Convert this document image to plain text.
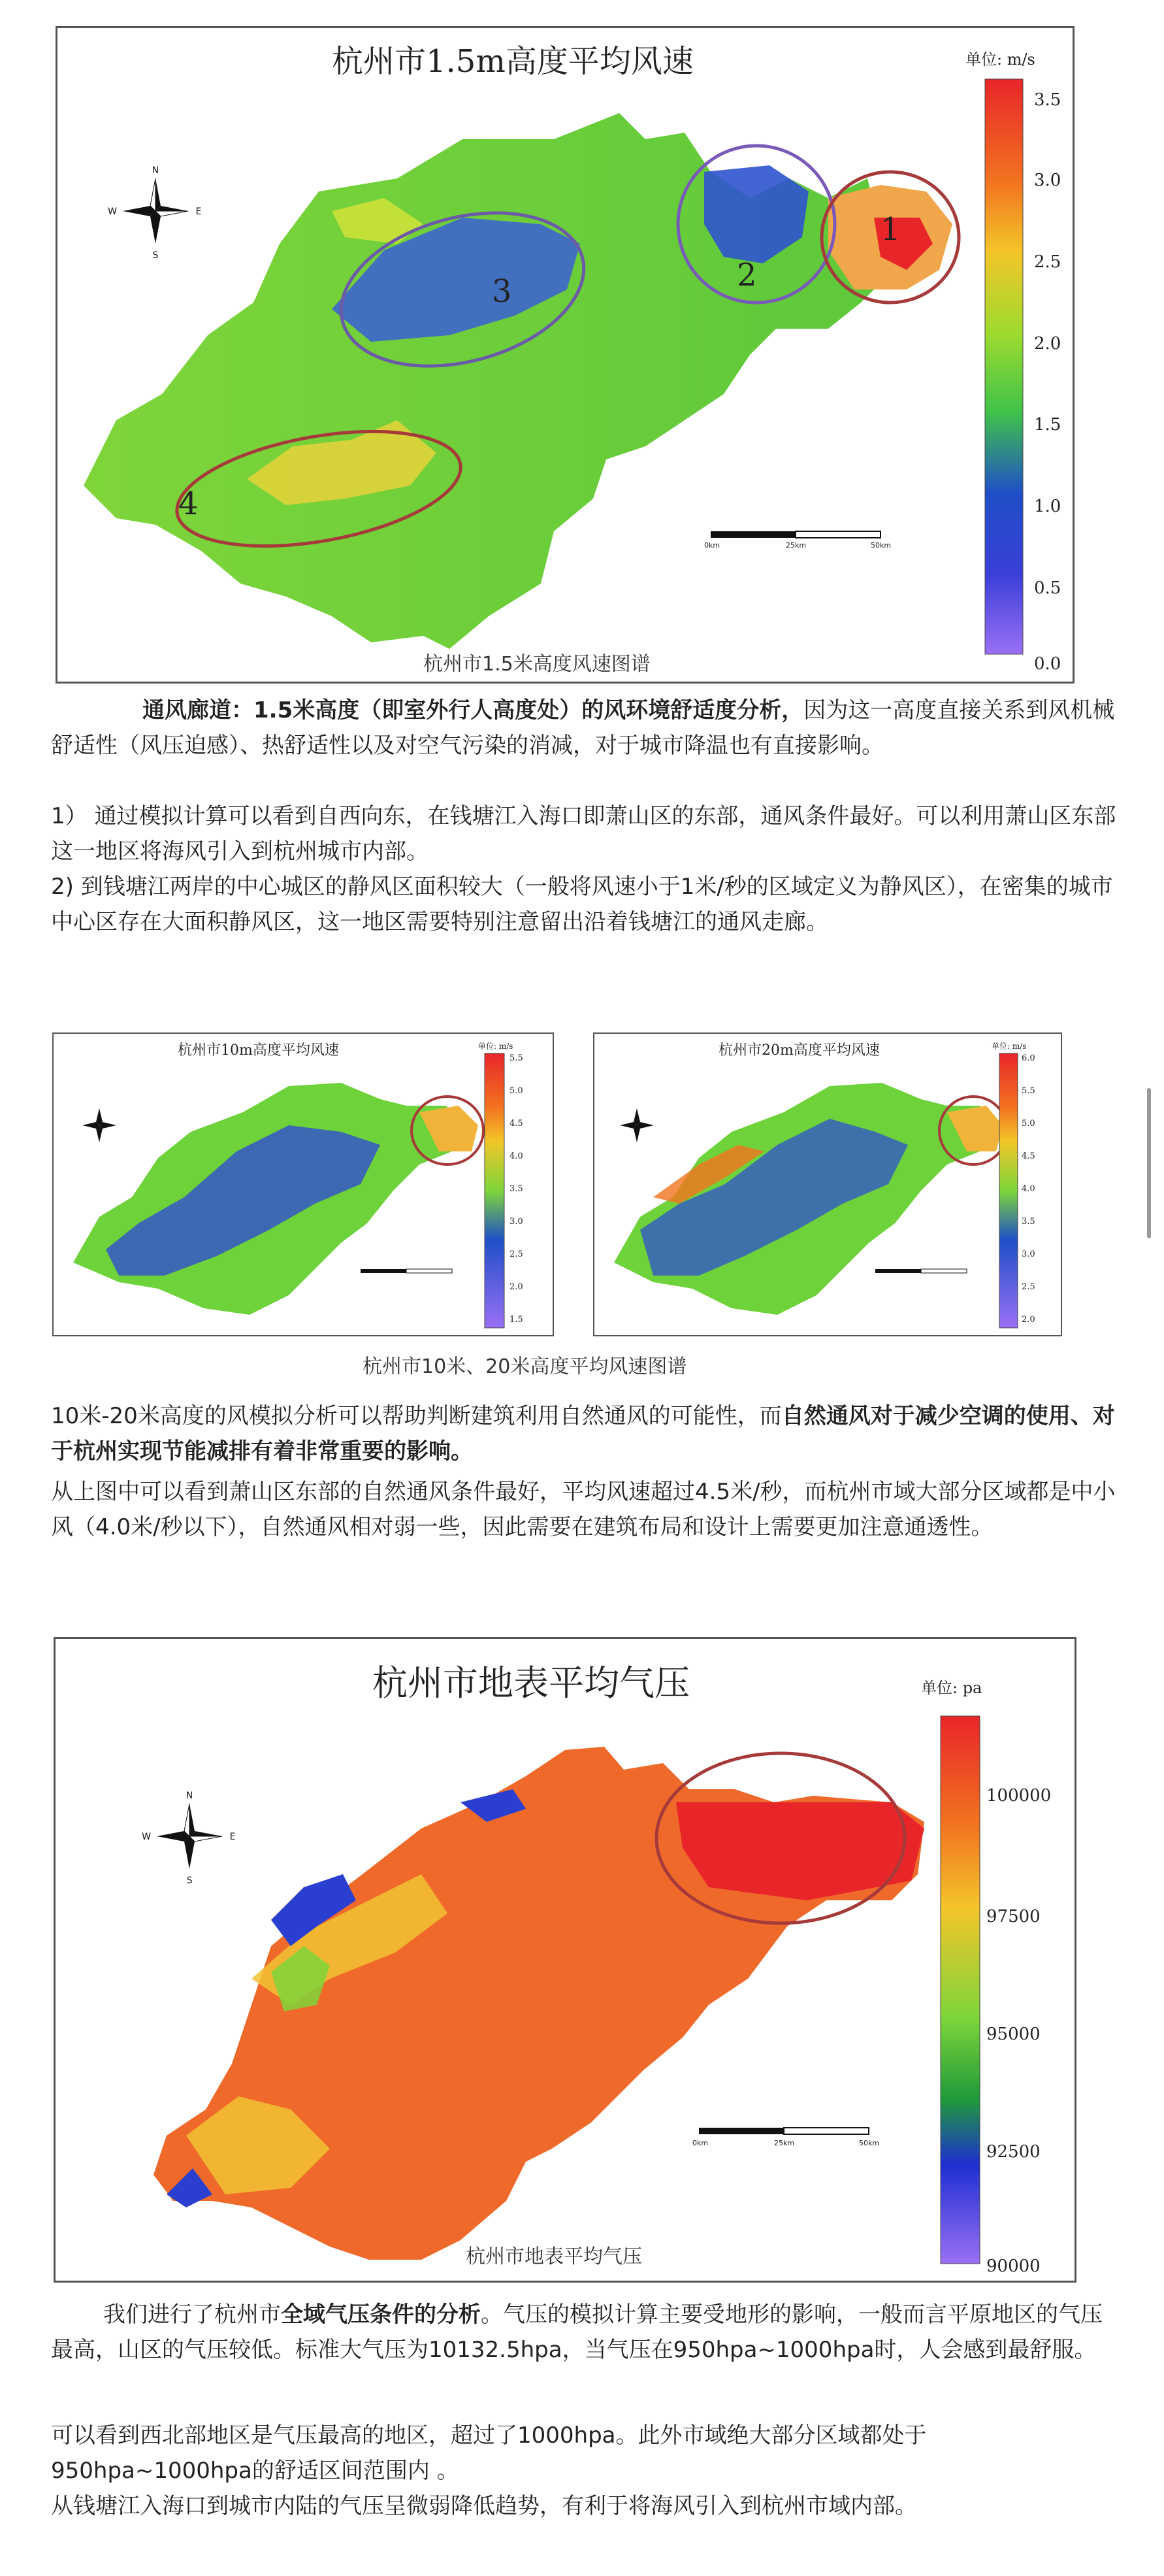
杭州市1.5m高度平均风速	单位: m/s
N
S
W	E	1
2
3
4
0km	25km	50km
3.5
3.0
2.5
2.0
1.5
1.0
0.5
0.0
杭州市1.5米高度风速图谱

通风廊道：1.5米高度（即室外行人高度处）的风环境舒适度分析，因为这一高度直接关系到风机械舒适性（风压迫感）、热舒适性以及对空气污染的消减，对于城市降温也有直接影响。

1） 通过模拟计算可以看到自西向东，在钱塘江入海口即萧山区的东部，通风条件最好。可以利用萧山区东部这一地区将海风引入到杭州城市内部。

2) 到钱塘江两岸的中心城区的静风区面积较大（一般将风速小于1米/秒的区域定义为静风区），在密集的城市中心区存在大面积静风区，这一地区需要特别注意留出沿着钱塘江的通风走廊。

杭州市10m高度平均风速	单位: m/s
5.5
5.0
4.5
4.0
3.5
3.0
2.5
2.0
1.5
杭州市20m高度平均风速	单位: m/s
6.0
5.5
5.0
4.5
4.0
3.5
3.0
2.5
2.0
杭州市10米、20米高度平均风速图谱

10米-20米高度的风模拟分析可以帮助判断建筑利用自然通风的可能性，而自然通风对于减少空调的使用、对于杭州实现节能减排有着非常重要的影响。

从上图中可以看到萧山区东部的自然通风条件最好，平均风速超过4.5米/秒，而杭州市域大部分区域都是中小风（4.0米/秒以下），自然通风相对弱一些，因此需要在建筑布局和设计上需要更加注意通透性。

杭州市地表平均气压	单位: pa
N
S
W	E
0km	25km	50km
100000
97500
95000
92500
90000
杭州市地表平均气压

我们进行了杭州市全域气压条件的分析。气压的模拟计算主要受地形的影响，一般而言平原地区的气压最高，山区的气压较低。标准大气压为10132.5hpa，当气压在950hpa~1000hpa时，人会感到最舒服。

可以看到西北部地区是气压最高的地区，超过了1000hpa。此外市域绝大部分区域都处于950hpa~1000hpa的舒适区间范围内 。

从钱塘江入海口到城市内陆的气压呈微弱降低趋势，有利于将海风引入到杭州市域内部。
